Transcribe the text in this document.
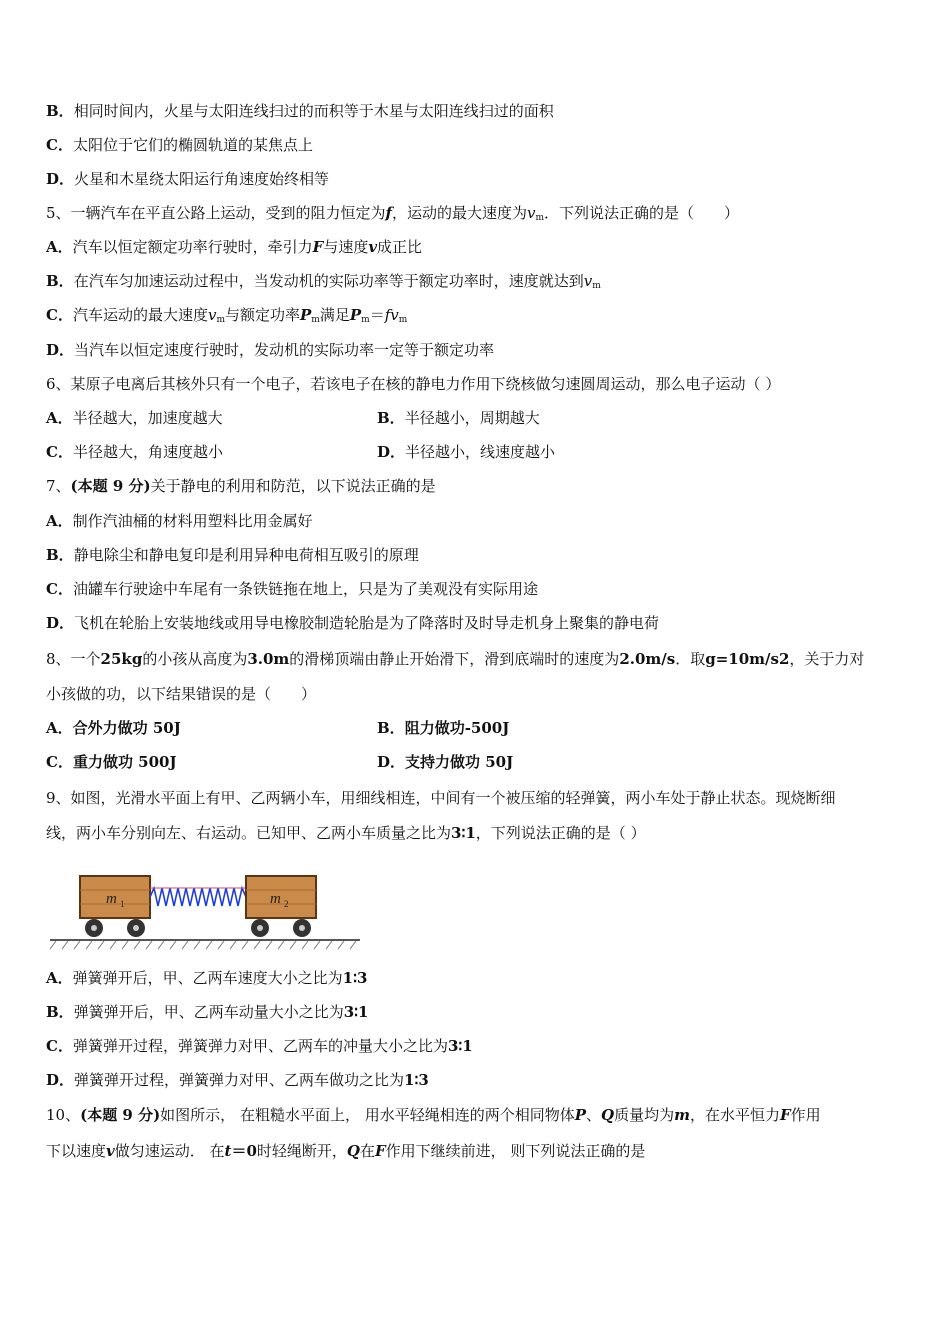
B．相同时间内，火星与太阳连线扫过的而积等于木星与太阳连线扫过的面积
C．太阳位于它们的椭圆轨道的某焦点上
D．火星和木星绕太阳运行角速度始终相等
5、一辆汽车在平直公路上运动，受到的阻力恒定为f，运动的最大速度为$v_m$．下列说法正确的是（　　）
A．汽车以恒定额定功率行驶时，牵引力F与速度v成正比
B．在汽车匀加速运动过程中，当发动机的实际功率等于额定功率时，速度就达到$v_m$
C．汽车运动的最大速度$v_m$与额定功率$P_m$满足$P_m=fv_m$
D．当汽车以恒定速度行驶时，发动机的实际功率一定等于额定功率
6、某原子电离后其核外只有一个电子，若该电子在核的静电力作用下绕核做匀速圆周运动，那么电子运动（ ）
A．半径越大，加速度越大	B．半径越小，周期越大
C．半径越大，角速度越小	D．半径越小，线速度越小
7、(本题 9 分)关于静电的利用和防范，以下说法正确的是
A．制作汽油桶的材料用塑料比用金属好
B．静电除尘和静电复印是利用异种电荷相互吸引的原理
C．油罐车行驶途中车尾有一条铁链拖在地上，只是为了美观没有实际用途
D．飞机在轮胎上安装地线或用导电橡胶制造轮胎是为了降落时及时导走机身上聚集的静电荷
8、一个25kg的小孩从高度为3.0m的滑梯顶端由静止开始滑下，滑到底端时的速度为2.0m/s．取g=10m/s2，关于力对
小孩做的功，以下结果错误的是（　　）
A．合外力做功 50J	B．阻力做功-500J
C．重力做功 500J	D．支持力做功 50J
9、如图，光滑水平面上有甲、乙两辆小车，用细线相连，中间有一个被压缩的轻弹簧，两小车处于静止状态。现烧断细
线，两小车分别向左、右运动。已知甲、乙两小车质量之比为3∶1，下列说法正确的是（ ）
m 1	m 2
A．弹簧弹开后，甲、乙两车速度大小之比为1∶3
B．弹簧弹开后，甲、乙两车动量大小之比为3∶1
C．弹簧弹开过程，弹簧弹力对甲、乙两车的冲量大小之比为3∶1
D．弹簧弹开过程，弹簧弹力对甲、乙两车做功之比为1∶3
10、(本题 9 分)如图所示， 在粗糙水平面上， 用水平轻绳相连的两个相同物体P、Q质量均为m，在水平恒力F作用
下以速度v做匀速运动． 在t＝0时轻绳断开，Q在F作用下继续前进， 则下列说法正确的是
